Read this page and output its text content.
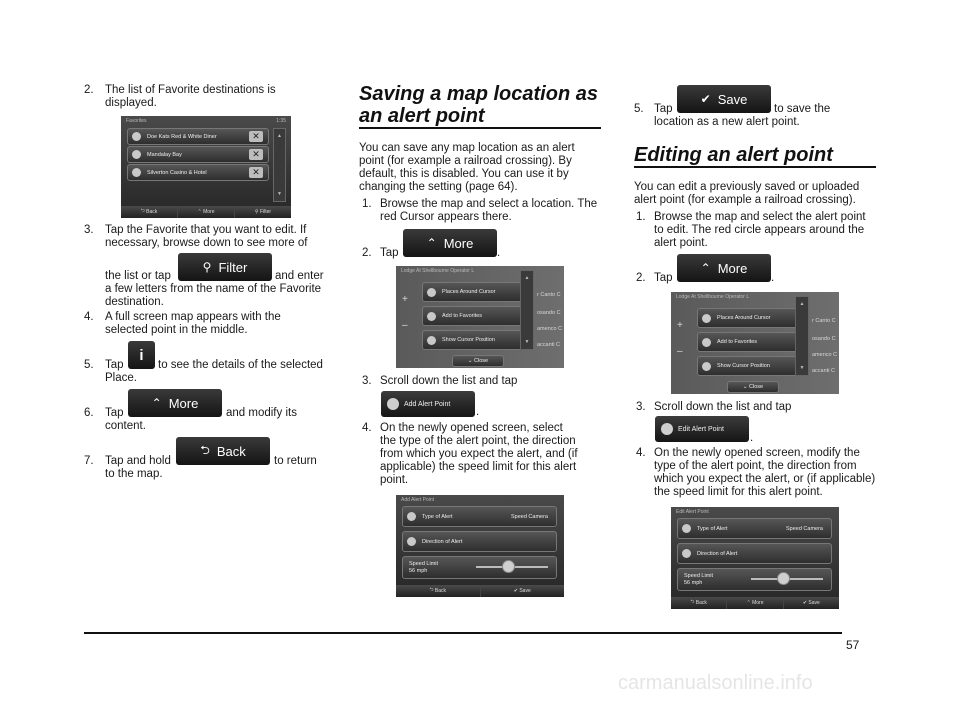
2. The list of Favorite destinations is
displayed.
Favorites	1:35
Doe Kats Red & White Diner
Mandalay Bay
Silverton Casino & Hotel
✕
✕
✕
▲
▼
⮌ Back	⌃ More	⚲ Filter
3. Tap the Favorite that you want to edit. If
necessary, browse down to see more of
the list or tap
⚲ Filter
and enter
a few letters from the name of the Favorite
destination.
4. A full screen map appears with the
selected point in the middle.
5. Tap
i
to see the details of the selected
Place.
6. Tap
⌃ More
and modify its
content.
7. Tap and hold
⮌ Back
to return
to the map.
Saving a map location as
an alert point
You can save any map location as an alert
point (for example a railroad crossing). By
default, this is disabled. You can use it by
changing the setting (page 64).
1. Browse the map and select a location. The
red Cursor appears there.
2. Tap
⌃ More
.
Lodge At Shellbourne Operator L
Places Around Cursor
Add to Favorites
Show Cursor Position
▲
▼
r Canto C
osando C
amenco C
accanti C
+
–
⌄ Close
3. Scroll down the list and tap
Add Alert Point
.
4. On the newly opened screen, select
the type of the alert point, the direction
from which you expect the alert, and (if
applicable) the speed limit for this alert
point.
Add Alert Point
Type of Alert	Speed Camera
Direction of Alert
Speed Limit
56 mph
⮌ Back	✔ Save
5. Tap
✔ Save
to save the
location as a new alert point.
Editing an alert point
You can edit a previously saved or uploaded
alert point (for example a railroad crossing).
1. Browse the map and select the alert point
to edit. The red circle appears around the
alert point.
2. Tap
⌃ More
.
Lodge At Shellbourne Operator L
Places Around Cursor
Add to Favorites
Show Cursor Position
▲
▼
r Canto C
osando C
amenco C
accanti C
+
–
⌄ Close
3. Scroll down the list and tap
Edit Alert Point
.
4. On the newly opened screen, modify the
type of the alert point, the direction from
which you expect the alert, or (if applicable)
the speed limit for this alert point.
Edit Alert Point
Type of Alert	Speed Camera
Direction of Alert
Speed Limit
56 mph
⮌ Back	⌃ More	✔ Save
57
carmanualsonline.info
